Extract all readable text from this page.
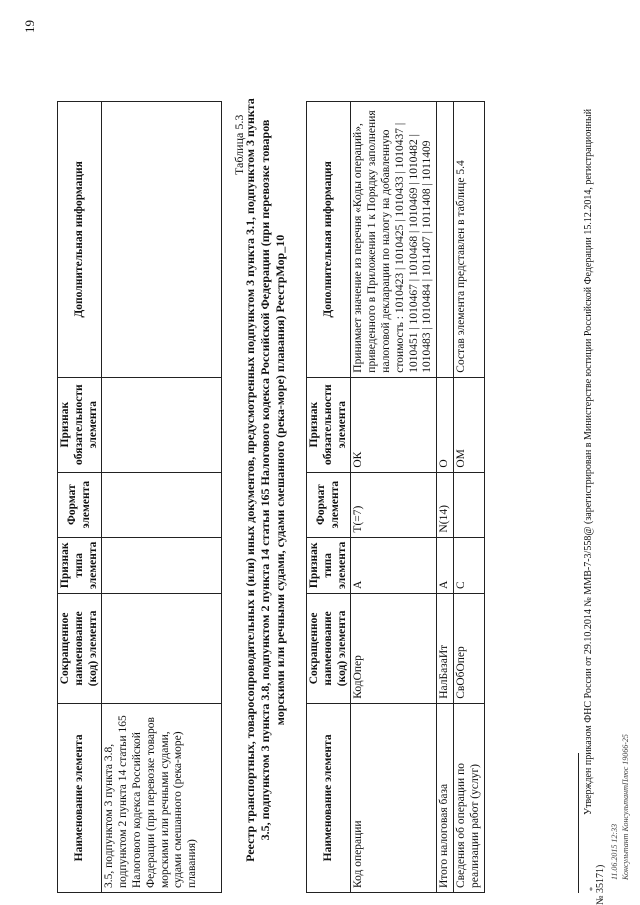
19
Наименование элемента	Сокращенное наименование (код) элемента	Признак типа элемента	Формат элемента	Признак обязательности элемента	Дополнительная информация
3.5, подпунктом 3 пункта 3.8, подпунктом 2 пункта 14 статьи 165 Налогового кодекса Российской Федерации (при перевозке товаров морскими или речными судами, судами смешанного (река-море) плавания)					
Таблица 5.3
Реестр транспортных, товаросопроводительных и (или) иных документов, предусмотренных подпунктом 3 пункта 3.1, подпунктом 3 пункта 3.5, подпунктом 3 пункта 3.8, подпунктом 2 пункта 14 статьи 165 Налогового кодекса Российской Федерации (при перевозке товаров морскими или речными судами, судами смешанного (река-море) плавания) РеестрМор_10
Наименование элемента	Сокращенное наименование (код) элемента	Признак типа элемента	Формат элемента	Признак обязательности элемента	Дополнительная информация
Код операции	КодОпер	А	T(=7)	ОК	Принимает значение из перечня «Коды операций», приведенного в Приложении 1 к Порядку заполнения налоговой декларации по налогу на добавленную стоимость : 1010423 | 1010425 | 1010433 | 1010437 | 1010451 | 1010467 | 1010468 | 1010469 | 1010482 | 1010483 | 1010484 | 1011407 | 1011408 | 1011409
Итого налоговая база	НалБазаИт	А	N(14)	О	
Сведения об операции по реализации работ (услуг)	СвОбОпер	С		ОМ	Состав элемента представлен в таблице 5.4
*
Утвержден приказом ФНС России от 29.10.2014 № ММВ-7-3/558@ (зарегистрирован в Министерстве юстиции Российской Федерации 15.12.2014, регистрационный
№ 35171)
11.06.2015 12:33 Консультант КонсультантПлюс 19066-25
